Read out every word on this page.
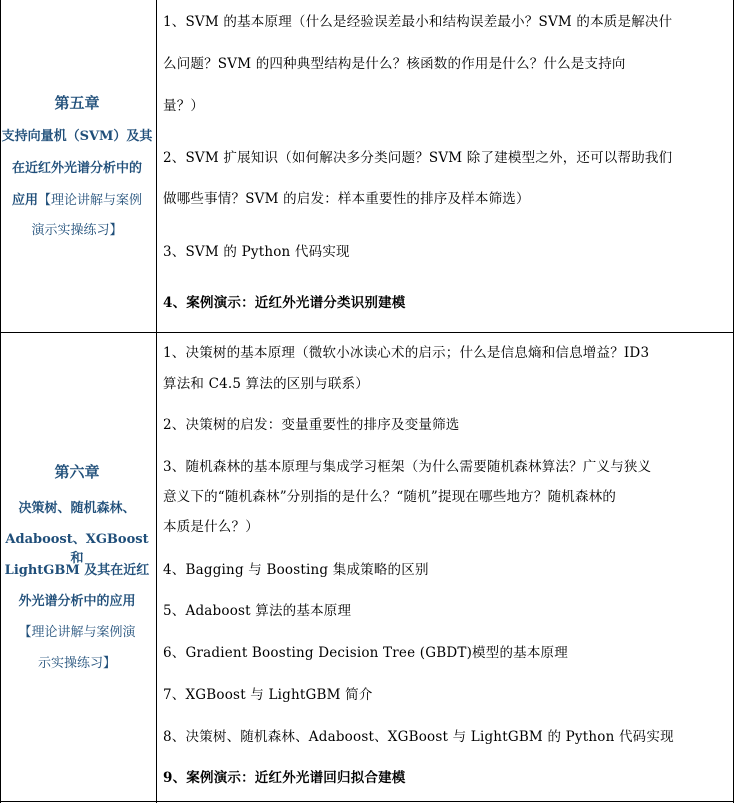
第五章
支持向量机（SVM）及其
在近红外光谱分析中的
应用【理论讲解与案例
演示实操练习】
1、SVM 的基本原理（什么是经验误差最小和结构误差最小？SVM 的本质是解决什
么问题？SVM 的四种典型结构是什么？核函数的作用是什么？什么是支持向
量？）
2、SVM 扩展知识（如何解决多分类问题？SVM 除了建模型之外，还可以帮助我们
做哪些事情？SVM 的启发：样本重要性的排序及样本筛选）
3、SVM 的 Python 代码实现
4、案例演示：近红外光谱分类识别建模
第六章
决策树、随机森林、
Adaboost、XGBoost 和
LightGBM 及其在近红
外光谱分析中的应用
【理论讲解与案例演
示实操练习】
1、决策树的基本原理（微软小冰读心术的启示；什么是信息熵和信息增益？ID3
算法和 C4.5 算法的区别与联系）
2、决策树的启发：变量重要性的排序及变量筛选
3、随机森林的基本原理与集成学习框架（为什么需要随机森林算法？广义与狭义
意义下的“随机森林”分别指的是什么？“随机”提现在哪些地方？随机森林的
本质是什么？）
4、Bagging 与 Boosting 集成策略的区别
5、Adaboost 算法的基本原理
6、Gradient Boosting Decision Tree (GBDT)模型的基本原理
7、XGBoost 与 LightGBM 简介
8、决策树、随机森林、Adaboost、XGBoost 与 LightGBM 的 Python 代码实现
9、案例演示：近红外光谱回归拟合建模
